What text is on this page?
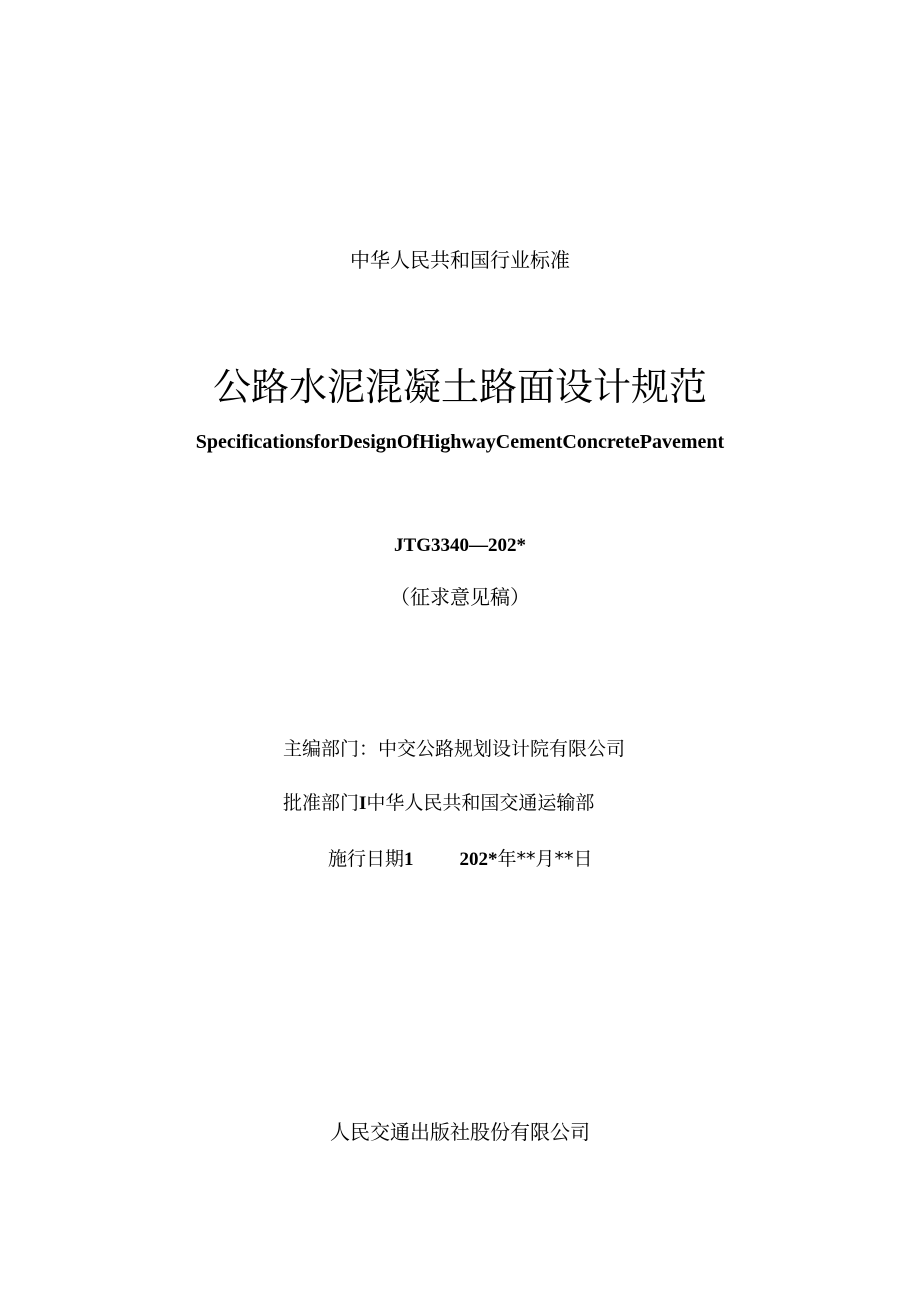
中华人民共和国行业标准
公路水泥混凝土路面设计规范
SpecificationsforDesignOfHighwayCementConcretePavement
JTG3340—202*
（征求意见稿）
主编部门：中交公路规划设计院有限公司
批准部门I中华人民共和国交通运输部
施行日期1 202*年**月**日
人民交通出版社股份有限公司
